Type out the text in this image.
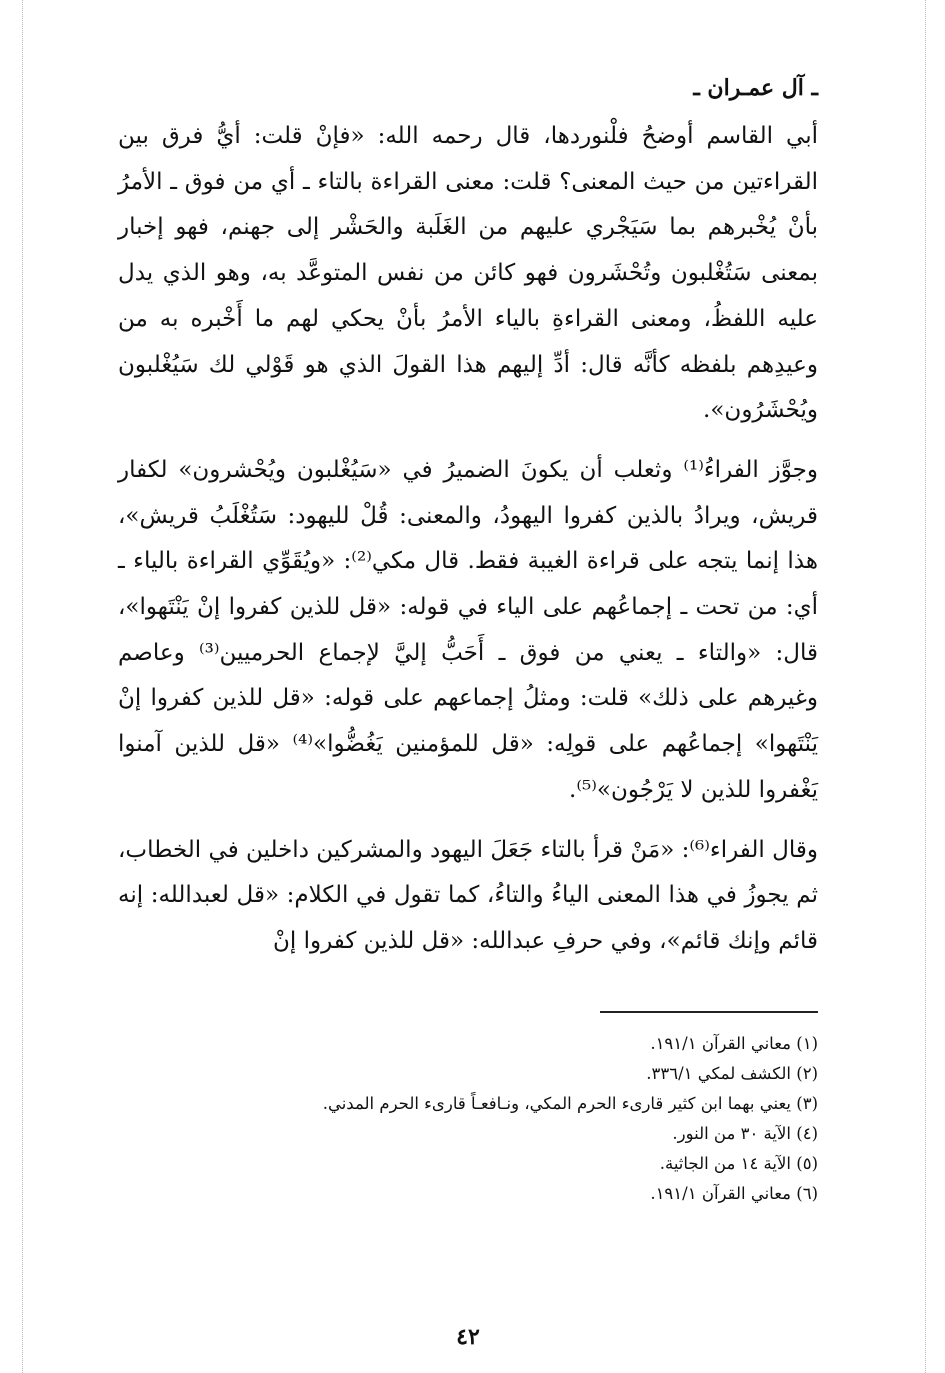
ـ آل عمـران ـ

أبي القاسم أوضحُ فلْنوردها، قال رحمه الله: «فإنْ قلت: أيُّ فرق بين القراءتين من حيث المعنى؟ قلت: معنى القراءة بالتاء ـ أي من فوق ـ الأمرُ بأنْ يُخْبرهم بما سَيَجْري عليهم من الغَلَبة والحَشْر إلى جهنم، فهو إخبار بمعنى سَتُغْلبون وتُحْشَرون فهو كائن من نفس المتوعَّد به، وهو الذي يدل عليه اللفظُ، ومعنى القراءةِ بالياء الأمرُ بأنْ يحكي لهم ما أَخْبره به من وعيدِهم بلفظه كأنَّه قال: أدِّ إليهم هذا القولَ الذي هو قَوْلي لك سَيُغْلبون ويُحْشَرُون».

وجوَّز الفراءُ⁽¹⁾ وثعلب أن يكونَ الضميرُ في «سَيُغْلبون ويُحْشرون» لكفار قريش، ويرادُ بالذين كفروا اليهودُ، والمعنى: قُلْ لليهود: سَتُغْلَبُ قريش»، هذا إنما يتجه على قراءة الغيبة فقط. قال مكي⁽²⁾: «ويُقَوِّي القراءة بالياء ـ أي: من تحت ـ إجماعُهم على الياء في قوله: «قل للذين كفروا إنْ يَنْتَهوا»، قال: «والتاء ـ يعني من فوق ـ أَحَبُّ إليَّ لإجماع الحرميين⁽³⁾ وعاصم وغيرهم على ذلك» قلت: ومثلُ إجماعهم على قوله: «قل للذين كفروا إنْ يَنْتَهوا» إجماعُهم على قولِه: «قل للمؤمنين يَغُضُّوا»⁽⁴⁾ «قل للذين آمنوا يَغْفروا للذين لا يَرْجُون»⁽⁵⁾.

وقال الفراء⁽⁶⁾: «مَنْ قرأ بالتاء جَعَلَ اليهود والمشركين داخلين في الخطاب، ثم يجوزُ في هذا المعنى الياءُ والتاءُ، كما تقول في الكلام: «قل لعبدالله: إنه قائم وإنك قائم»، وفي حرفِ عبدالله: «قل للذين كفروا إنْ

(١) معاني القرآن ١٩١/١.
(٢) الكشف لمكي ٣٣٦/١.
(٣) يعني بهما ابن كثير قارىء الحرم المكي، ونـافعـاً قارىء الحرم المدني.
(٤) الآية ٣٠ من النور.
(٥) الآية ١٤ من الجاثية.
(٦) معاني القرآن ١٩١/١.
٤٢
